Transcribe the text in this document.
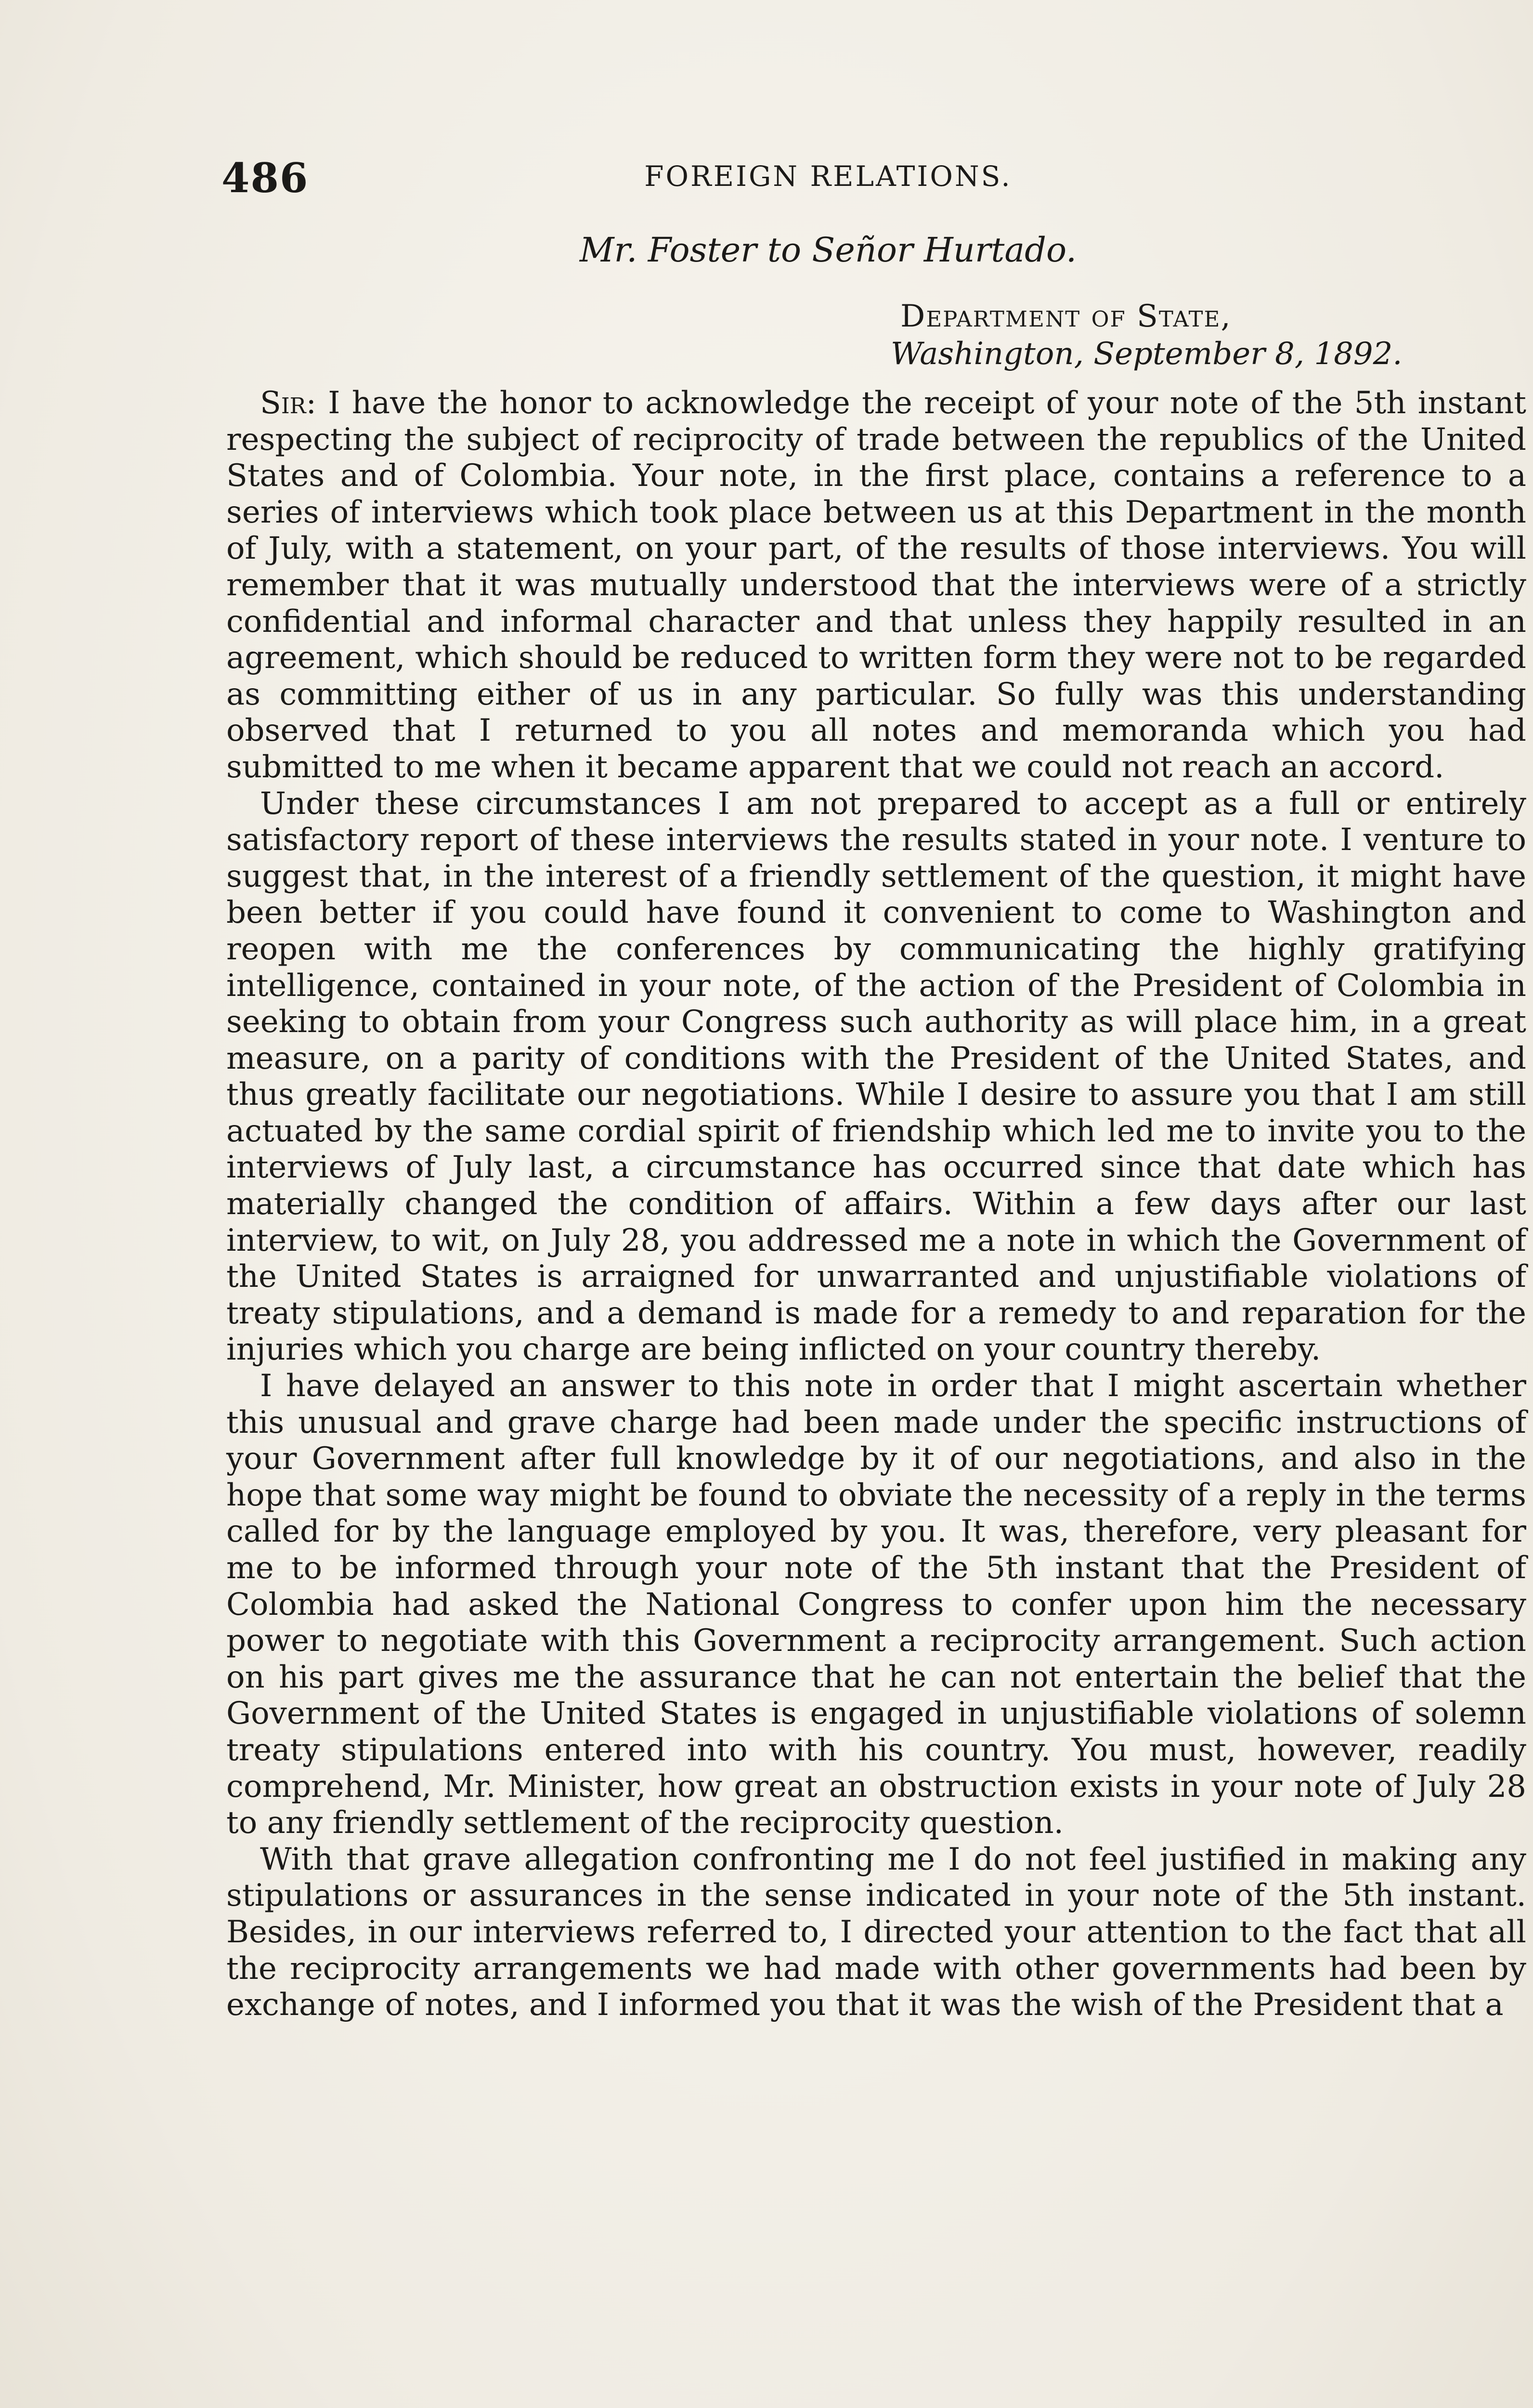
486	FOREIGN RELATIONS.
Mr. Foster to Señor Hurtado.
Department of State,
Washington, September 8, 1892.

Sir: I have the honor to acknowledge the receipt of your note of the 5th instant respecting the subject of reciprocity of trade between the republics of the United States and of Colombia. Your note, in the first place, contains a reference to a series of interviews which took place between us at this Department in the month of July, with a statement, on your part, of the results of those interviews. You will remember that it was mutually understood that the interviews were of a strictly confidential and informal character and that unless they happily resulted in an agreement, which should be reduced to written form they were not to be regarded as committing either of us in any particular. So fully was this understanding observed that I returned to you all notes and memoranda which you had submitted to me when it became apparent that we could not reach an accord.

Under these circumstances I am not prepared to accept as a full or entirely satisfactory report of these interviews the results stated in your note. I venture to suggest that, in the interest of a friendly settlement of the question, it might have been better if you could have found it convenient to come to Washington and reopen with me the conferences by communicating the highly gratifying intelligence, contained in your note, of the action of the President of Colombia in seeking to obtain from your Congress such authority as will place him, in a great measure, on a parity of conditions with the President of the United States, and thus greatly facilitate our negotiations. While I desire to assure you that I am still actuated by the same cordial spirit of friendship which led me to invite you to the interviews of July last, a circumstance has occurred since that date which has materially changed the condition of affairs. Within a few days after our last interview, to wit, on July 28, you addressed me a note in which the Government of the United States is arraigned for unwarranted and unjustifiable violations of treaty stipulations, and a demand is made for a remedy to and reparation for the injuries which you charge are being inflicted on your country thereby.

I have delayed an answer to this note in order that I might ascertain whether this unusual and grave charge had been made under the specific instructions of your Government after full knowledge by it of our negotiations, and also in the hope that some way might be found to obviate the necessity of a reply in the terms called for by the language employed by you. It was, therefore, very pleasant for me to be informed through your note of the 5th instant that the President of Colombia had asked the National Congress to confer upon him the necessary power to negotiate with this Government a reciprocity arrangement. Such action on his part gives me the assurance that he can not entertain the belief that the Government of the United States is engaged in unjustifiable violations of solemn treaty stipulations entered into with his country. You must, however, readily comprehend, Mr. Minister, how great an obstruction exists in your note of July 28 to any friendly settlement of the reciprocity question.

With that grave allegation confronting me I do not feel justified in making any stipulations or assurances in the sense indicated in your note of the 5th instant. Besides, in our interviews referred to, I directed your attention to the fact that all the reciprocity arrangements we had made with other governments had been by exchange of notes, and I informed you that it was the wish of the President that a
